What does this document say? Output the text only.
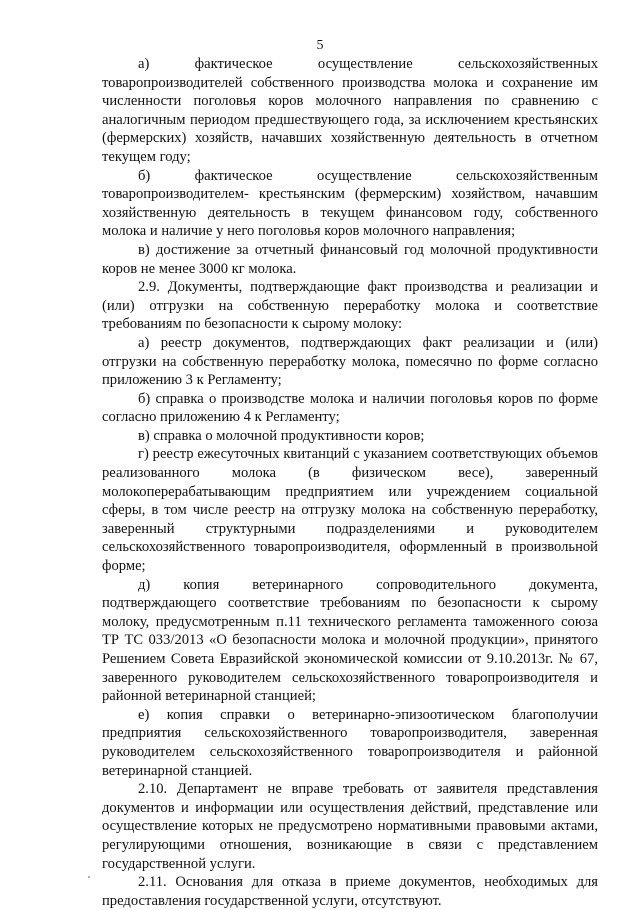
5

а) фактическое осуществление сельскохозяйственных товаропроизводителей собственного производства молока и сохранение им численности поголовья коров молочного направления по сравнению с аналогичным периодом предшествующего года, за исключением крестьянских (фермерских) хозяйств, начавших хозяйственную деятельность в отчетном текущем году;

б) фактическое осуществление сельскохозяйственным товаропроизводителем- крестьянским (фермерским) хозяйством, начавшим хозяйственную деятельность в текущем финансовом году, собственного молока и наличие у него поголовья коров молочного направления;

в) достижение за отчетный финансовый год молочной продуктивности коров не менее 3000 кг молока.

2.9. Документы, подтверждающие факт производства и реализации и (или) отгрузки на собственную переработку молока и соответствие требованиям по безопасности к сырому молоку:

а) реестр документов, подтверждающих факт реализации и (или) отгрузки на собственную переработку молока, помесячно по форме согласно приложению 3 к Регламенту;

б) справка о производстве молока и наличии поголовья коров по форме согласно приложению 4 к Регламенту;

в) справка о молочной продуктивности коров;

г) реестр ежесуточных квитанций с указанием соответствующих объемов реализованного молока (в физическом весе), заверенный молокоперерабатывающим предприятием или учреждением социальной сферы, в том числе реестр на отгрузку молока на собственную переработку, заверенный структурными подразделениями и руководителем сельскохозяйственного товаропроизводителя, оформленный в произвольной форме;

д) копия ветеринарного сопроводительного документа, подтверждающего соответствие требованиям по безопасности к сырому молоку, предусмотренным п.11 технического регламента таможенного союза ТР ТС 033/2013 «О безопасности молока и молочной продукции», принятого Решением Совета Евразийской экономической комиссии от 9.10.2013г. № 67, заверенного руководителем сельскохозяйственного товаропроизводителя и районной ветеринарной станцией;

е) копия справки о ветеринарно-эпизоотическом благополучии предприятия сельскохозяйственного товаропроизводителя, заверенная руководителем сельскохозяйственного товаропроизводителя и районной ветеринарной станцией.

2.10. Департамент не вправе требовать от заявителя представления документов и информации или осуществления действий, представление или осуществление которых не предусмотрено нормативными правовыми актами, регулирующими отношения, возникающие в связи с представлением государственной услуги.

2.11. Основания для отказа в приеме документов, необходимых для предоставления государственной услуги, отсутствуют.
